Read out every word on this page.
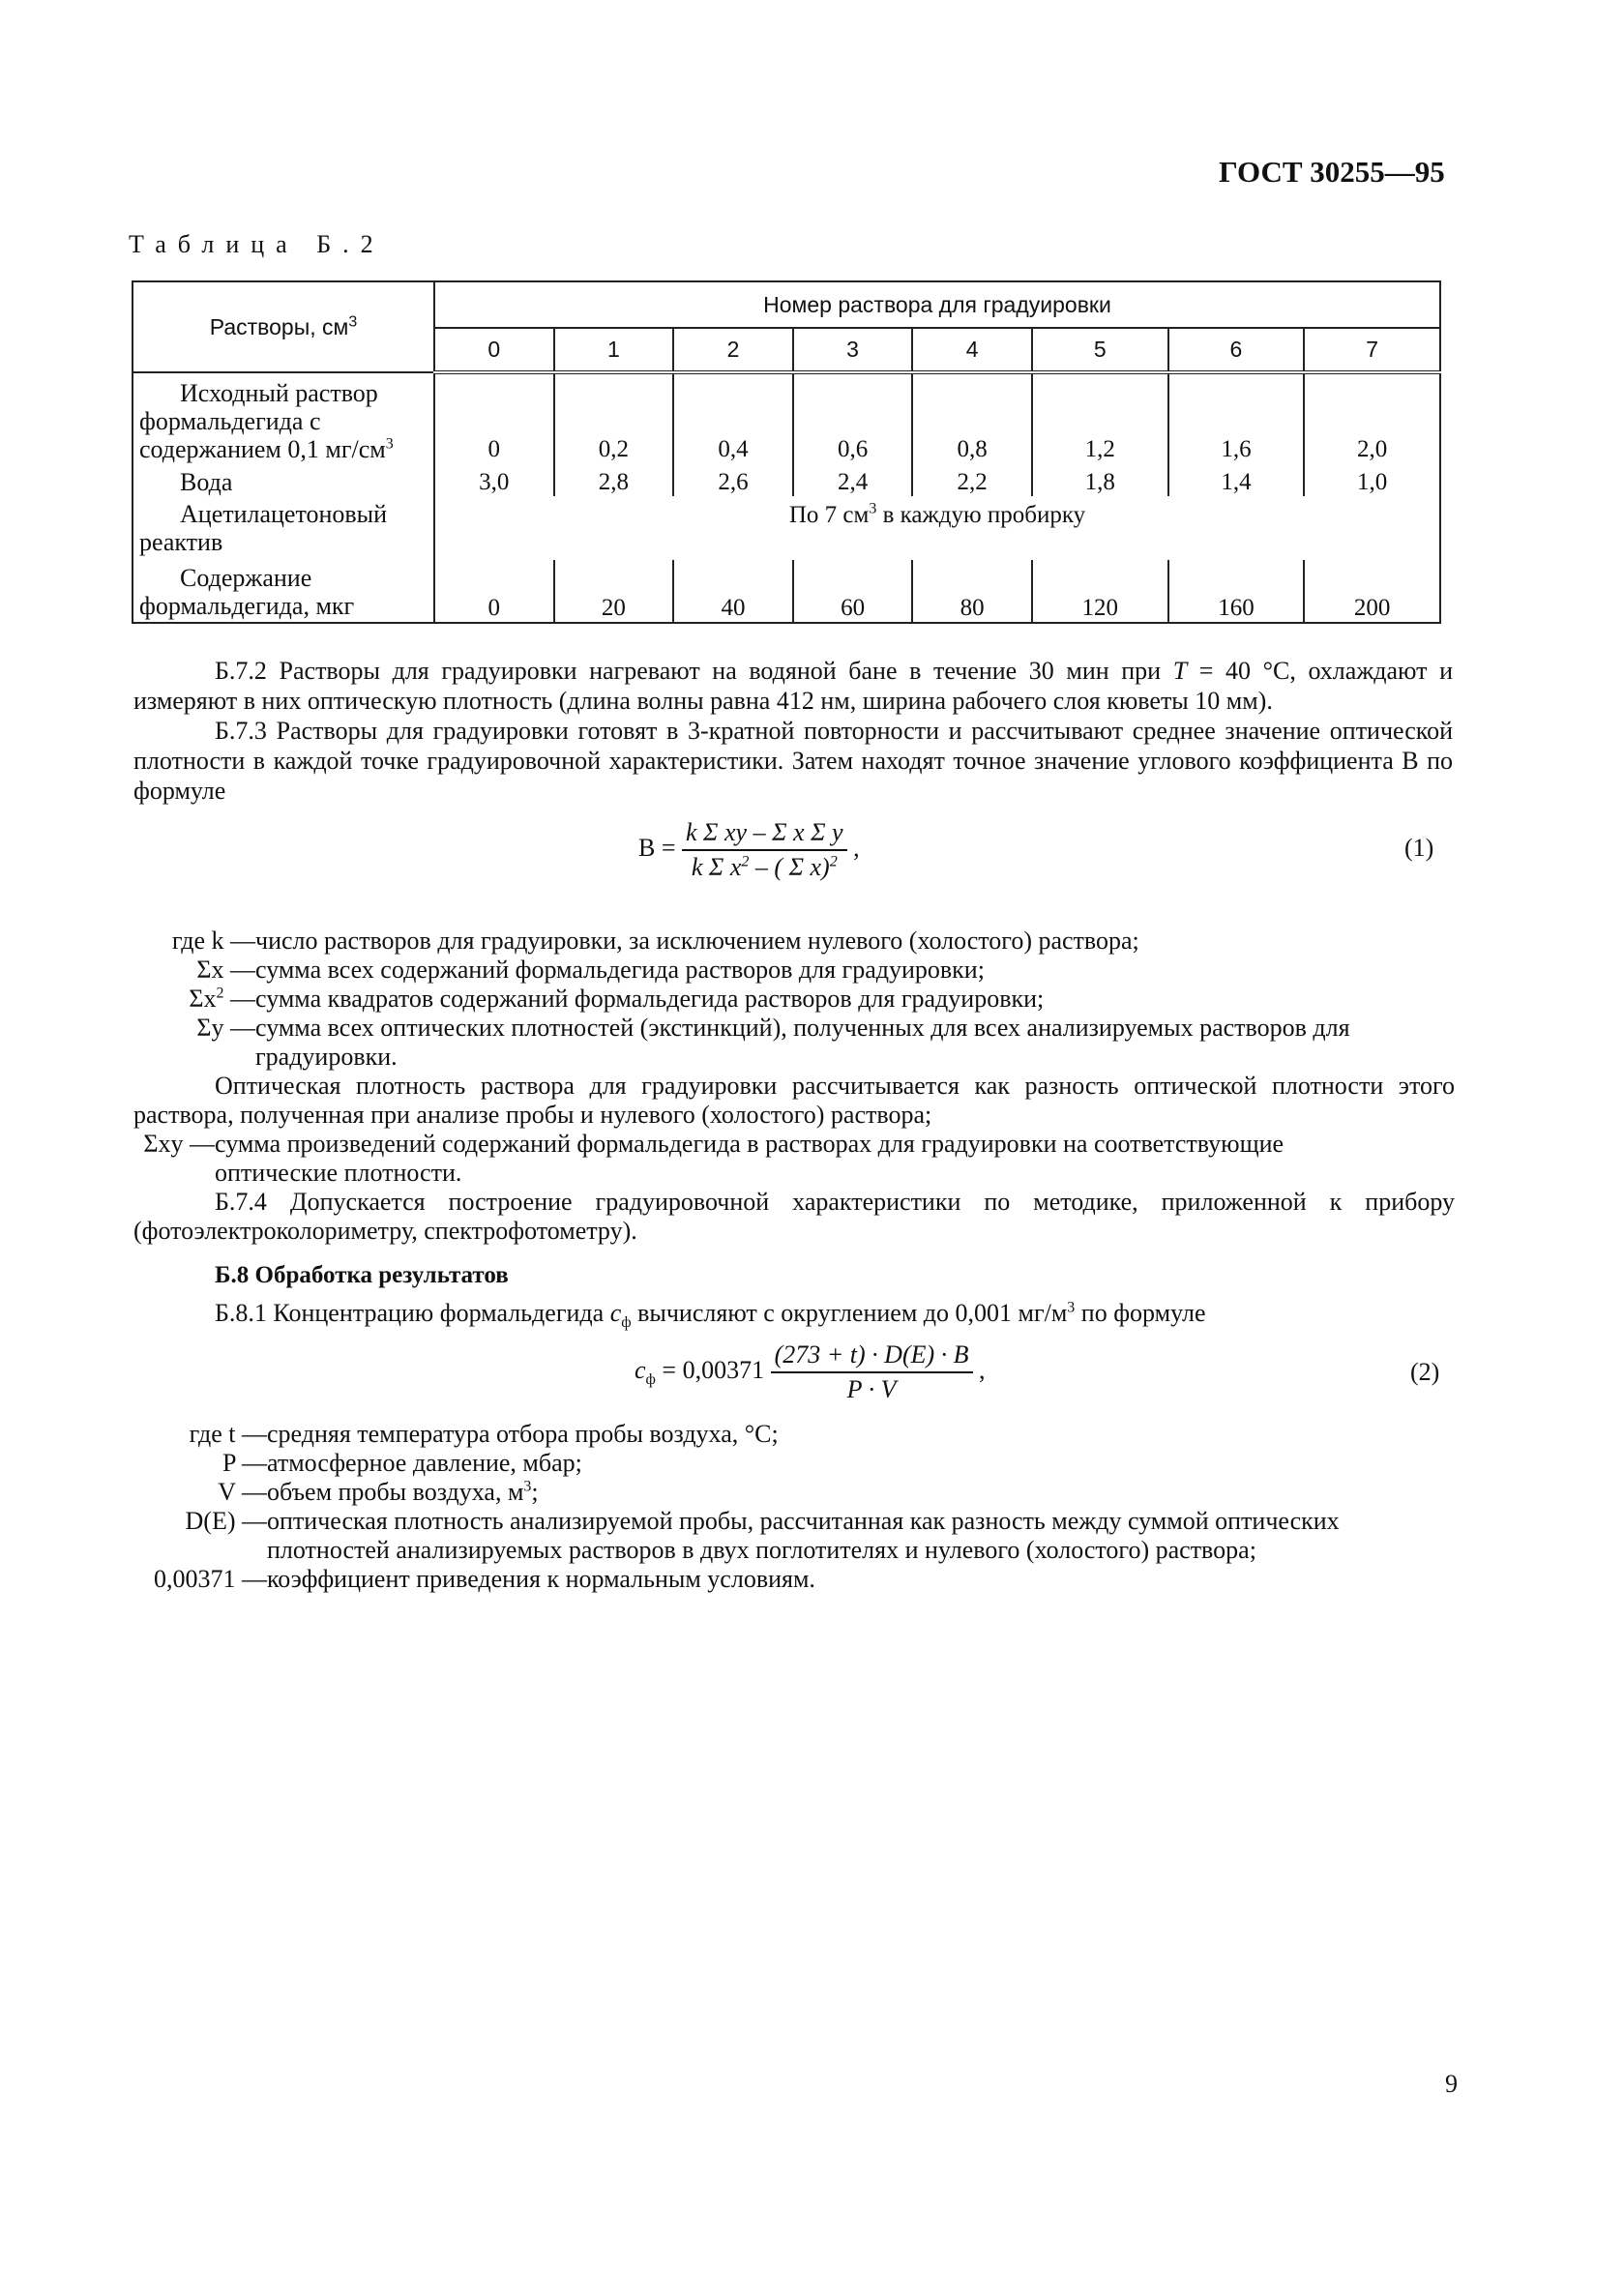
ГОСТ 30255—95
Таблица Б.2
Растворы, $см^3$	Номер раствора для градуировки							
	0	1	2	3	4	5	6	7

Исходный раствор
формальдегида с
содержанием 0,1 $мг/см^3$	0	0,2	0,4	0,6	0,8	1,2	1,6	2,0

Вода	3,0	2,8	2,6	2,4	2,2	1,8	1,4	1,0

Ацетилацетоновый
реактив	По 7 $см^3$ в каждую пробирку							

Содержание
формальдегида, мкг	0	20	40	60	80	120	160	200
Б.7.2 Растворы для градуировки нагревают на водяной бане в течение 30 мин при T = 40 °С, охлаждают и измеряют в них оптическую плотность (длина волны равна 412 нм, ширина рабочего слоя кюветы 10 мм).
Б.7.3 Растворы для градуировки готовят в 3-кратной повторности и рассчитывают среднее значение оптической плотности в каждой точке градуировочной характеристики. Затем находят точное значение углового коэффициента В по формуле
$B = \frac{\text{k Σ xy – Σ x Σ y}}{k \Sigma x^2 - ( \Sigma x)^2}$ ,	(1)
где k — число растворов для градуировки, за исключением нулевого (холостого) раствора;
Σx — сумма всех содержаний формальдегида растворов для градуировки;
$\Sigma x^2$ — сумма квадратов содержаний формальдегида растворов для градуировки;
Σy — сумма всех оптических плотностей (экстинкций), полученных для всех анализируемых растворов для градуировки.
Оптическая плотность раствора для градуировки рассчитывается как разность оптической плотности этого раствора, полученная при анализе пробы и нулевого (холостого) раствора;
Σxy — сумма произведений содержаний формальдегида в растворах для градуировки на соответствующие оптические плотности.
Б.7.4 Допускается построение градуировочной характеристики по методике, приложенной к прибору (фотоэлектроколориметру, спектрофотометру).
Б.8 Обработка результатов
Б.8.1 Концентрацию формальдегида $с_ф$ вычисляют с округлением до 0,001 $мг/м^3$ по формуле
$с_ф = 0,00371 \frac{(273 + t) \cdot D(E) \cdot B}{P \cdot V}$ ,	(2)
где t — средняя температура отбора пробы воздуха, °С;
P — атмосферное давление, мбар;
V — объем пробы воздуха, $м^3$;
D(E) — оптическая плотность анализируемой пробы, рассчитанная как разность между суммой оптических плотностей анализируемых растворов в двух поглотителях и нулевого (холостого) раствора;
0,00371 — коэффициент приведения к нормальным условиям.
9
